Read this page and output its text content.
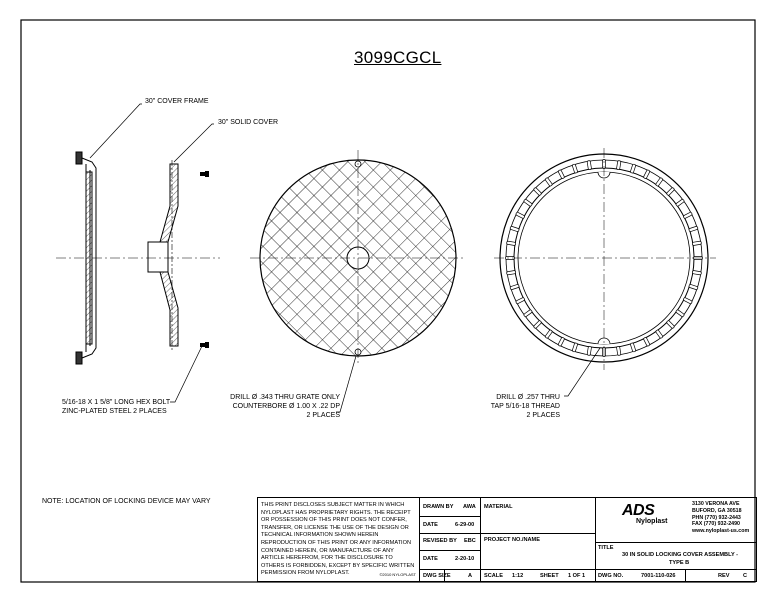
3099CGCL
30" COVER FRAME
30" SOLID COVER
5/16-18 X 1 5/8" LONG HEX BOLT
ZINC-PLATED STEEL 2 PLACES
DRILL Ø .343 THRU GRATE ONLY
COUNTERBORE Ø 1.00 X .22 DP
2 PLACES
DRILL Ø .257 THRU
TAP 5/16-18 THREAD
2 PLACES
NOTE: LOCATION OF LOCKING DEVICE MAY VARY	THIS PRINT DISCLOSES SUBJECT MATTER IN WHICH NYLOPLAST HAS PROPRIETARY RIGHTS. THE RECEIPT OR POSSESSION OF THIS PRINT DOES NOT CONFER, TRANSFER, OR LICENSE THE USE OF THE DESIGN OR TECHNICAL INFORMATION SHOWN HEREIN REPRODUCTION OF THIS PRINT OR ANY INFORMATION CONTAINED HEREIN, OR MANUFACTURE OF ANY ARTICLE HEREFROM, FOR THE DISCLOSURE TO OTHERS IS FORBIDDEN, EXCEPT BY SPECIFIC WRITTEN PERMISSION FROM NYLOPLAST.	©2010 NYLOPLAST
DRAWN BY AWA
DATE	6-29-00
REVISED BY EBC
DATE	2-20-10
DWG SIZE	A
MATERIAL
PROJECT NO./NAME
SCALE 1:12	SHEET 1 OF 1
ADS
Nyloplast
3130 VERONA AVE
BUFORD, GA 30518
PHN (770) 932-2443
FAX (770) 932-2490
www.nyloplast-us.com
TITLE
30 IN SOLID LOCKING COVER ASSEMBLY -
TYPE B
DWG NO.	7001-110-026	REV C
